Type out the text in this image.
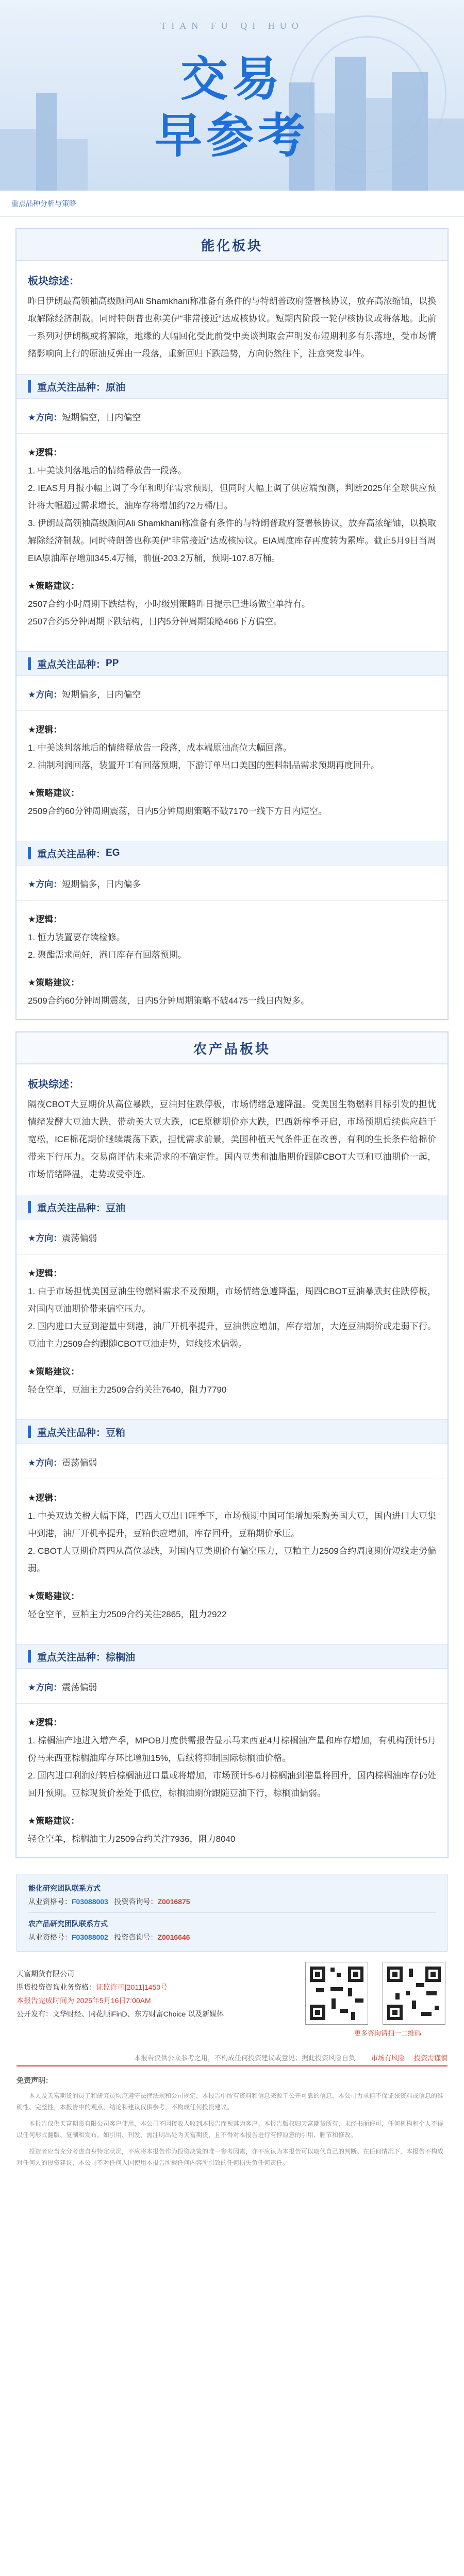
TIAN FU QI HUO
交易
早参考
重点品种分析与策略
能化板块
板块综述：

昨日伊朗最高领袖高级顾问Ali Shamkhani称准备有条件的与特朗普政府签署核协议，放弃高浓缩铀，以换取解除经济制裁。同时特朗普也称美伊“非常接近”达成核协议。短期内阶段一轮伊核协议或将落地。此前一系列对伊朗概或将解除，地缘的大幅回化受此前受中美谈判取会声明发布短期利多有乐落地，受市场情绪影响向上行的原油反弹由一段落，重新回归下跌趋势，方向仍然往下，注意突发事件。

重点关注品种： 原油
★方向：短期偏空，日内偏空
★逻辑：

1. 中美谈判落地后的情绪释放告一段落。

2. IEAS月月报小幅上调了今年和明年需求预期，但同时大幅上调了供应端预测，判断2025年全球供应预计将大幅超过需求增长，油库存将增加约72万桶/日。

3. 伊朗最高领袖高级顾问Ali Shamkhani称准备有条件的与特朗普政府签署核协议，放弃高浓缩铀，以换取解除经济制裁。同时特朗普也称美伊“非常接近”达成核协议。EIA周度库存再度转为累库。截止5月9日当周EIA原油库存增加345.4万桶，前值-203.2万桶，预期-107.8万桶。

★策略建议：

2507合约小时周期下跌结构，小时级别策略昨日提示已进场做空单持有。

2507合约5分钟周期下跌结构，日内5分钟周期策略466下方偏空。

重点关注品种： PP
★方向：短期偏多，日内偏空
★逻辑：

1. 中美谈判落地后的情绪释放告一段落，成本端原油高位大幅回落。

2. 油制利润回落，装置开工有回落预期，下游订单出口美国的塑料制品需求预期再度回升。

★策略建议：

2509合约60分钟周期震荡，日内5分钟周期策略不破7170一线下方日内短空。

重点关注品种： EG
★方向：短期偏多，日内偏多
★逻辑：

1. 恒力装置要存续检修。

2. 聚酯需求尚好，港口库存有回落预期。

★策略建议：

2509合约60分钟周期震荡，日内5分钟周期策略不破4475一线日内短多。

农产品板块
板块综述：

隔夜CBOT大豆期价从高位暴跌，豆油封住跌停板，市场情绪急遽降温。受美国生物燃料目标引发的担忧情绪发酵大豆油大跌，带动美大豆大跌，ICE原糖期价亦大跌，巴西新榨季开启，市场预期后续供应趋于宽松，ICE棉花期价继续震荡下跌，担忧需求前景，美国种植天气条件正在改善，有利的生长条件给棉价带来下行压力。交易商评估未来需求的不确定性。国内豆类和油脂期价跟随CBOT大豆和豆油期价一起，市场情绪降温，走势或受牵连。

重点关注品种： 豆油
★方向：震荡偏弱
★逻辑：

1. 由于市场担忧美国豆油生物燃料需求不及预期，市场情绪急遽降温，周四CBOT豆油暴跌封住跌停板，对国内豆油期价带来偏空压力。

2. 国内进口大豆到港量中到港，油厂开机率提升，豆油供应增加，库存增加，大连豆油期价或走弱下行。豆油主力2509合约跟随CBOT豆油走势，短线技术偏弱。

★策略建议：

轻仓空单，豆油主力2509合约关注7640，阻力7790

重点关注品种： 豆粕
★方向：震荡偏弱
★逻辑：

1. 中美双边关税大幅下降，巴西大豆出口旺季下，市场预期中国可能增加采购美国大豆，国内进口大豆集中到港，油厂开机率提升，豆粕供应增加，库存回升，豆粕期价承压。

2. CBOT大豆期价周四从高位暴跌，对国内豆类期价有偏空压力，豆粕主力2509合约周度期价短线走势偏弱。

★策略建议：

轻仓空单，豆粕主力2509合约关注2865，阻力2922

重点关注品种： 棕榈油
★方向：震荡偏弱
★逻辑：

1. 棕榈油产地进入增产季，MPOB月度供需报告显示马来西亚4月棕榈油产量和库存增加，有机构预计5月份马来西亚棕榈油库存环比增加15%，后续将抑制国际棕榈油价格。

2. 国内进口利润好转后棕榈油进口量或将增加，市场预计5-6月棕榈油到港量将回升，国内棕榈油库存仍处回升预期。豆棕现货价差处于低位，棕榈油期价跟随豆油下行，棕榈油偏弱。

★策略建议：

轻仓空单，棕榈油主力2509合约关注7936，阻力8040

能化研究团队联系方式
从业资格号：F03088003 投资咨询号：Z0016875
农产品研究团队联系方式
从业资格号：F03088002 投资咨询号：Z0016646
天富期货有限公司
期货投资咨询业务资格：证监许可[2011]1450号
本报告完成时间为 2025年5月16日7:00AM
公开发布：文华财经、同花顺iFinD、东方财富Choice 以及新媒体
更多咨询请扫一二维码
本报告仅供公众参考之用，不构成任何投资建议或意见；据此投资风险自负。 市场有风险 投资需谨慎
免责声明：

本人及天富期货的员工和研究员均应遵守法律法规和公司规定，本报告中所有资料和信息来源于公开可靠的信息，本公司力求但不保证该资料或信息的准确性、完整性，本报告中的观点、结论和建议仅供参考，不构成任何投资建议。

本报告仅供天富期货有限公司客户使用，本公司不因接收人收到本报告而视其为客户。本报告版权归天富期货所有，未经书面许可，任何机构和个人不得以任何形式翻版、复制和发布。如引用、刊发，需注明出处为天富期货，且不得对本报告进行有悖原意的引用、删节和修改。

投资者应当充分考虑自身特定状况，不应将本报告作为投资决策的唯一参考因素，亦不应认为本报告可以取代自己的判断。在任何情况下，本报告不构成对任何人的投资建议，本公司不对任何人因使用本报告所载任何内容所引致的任何损失负任何责任。
